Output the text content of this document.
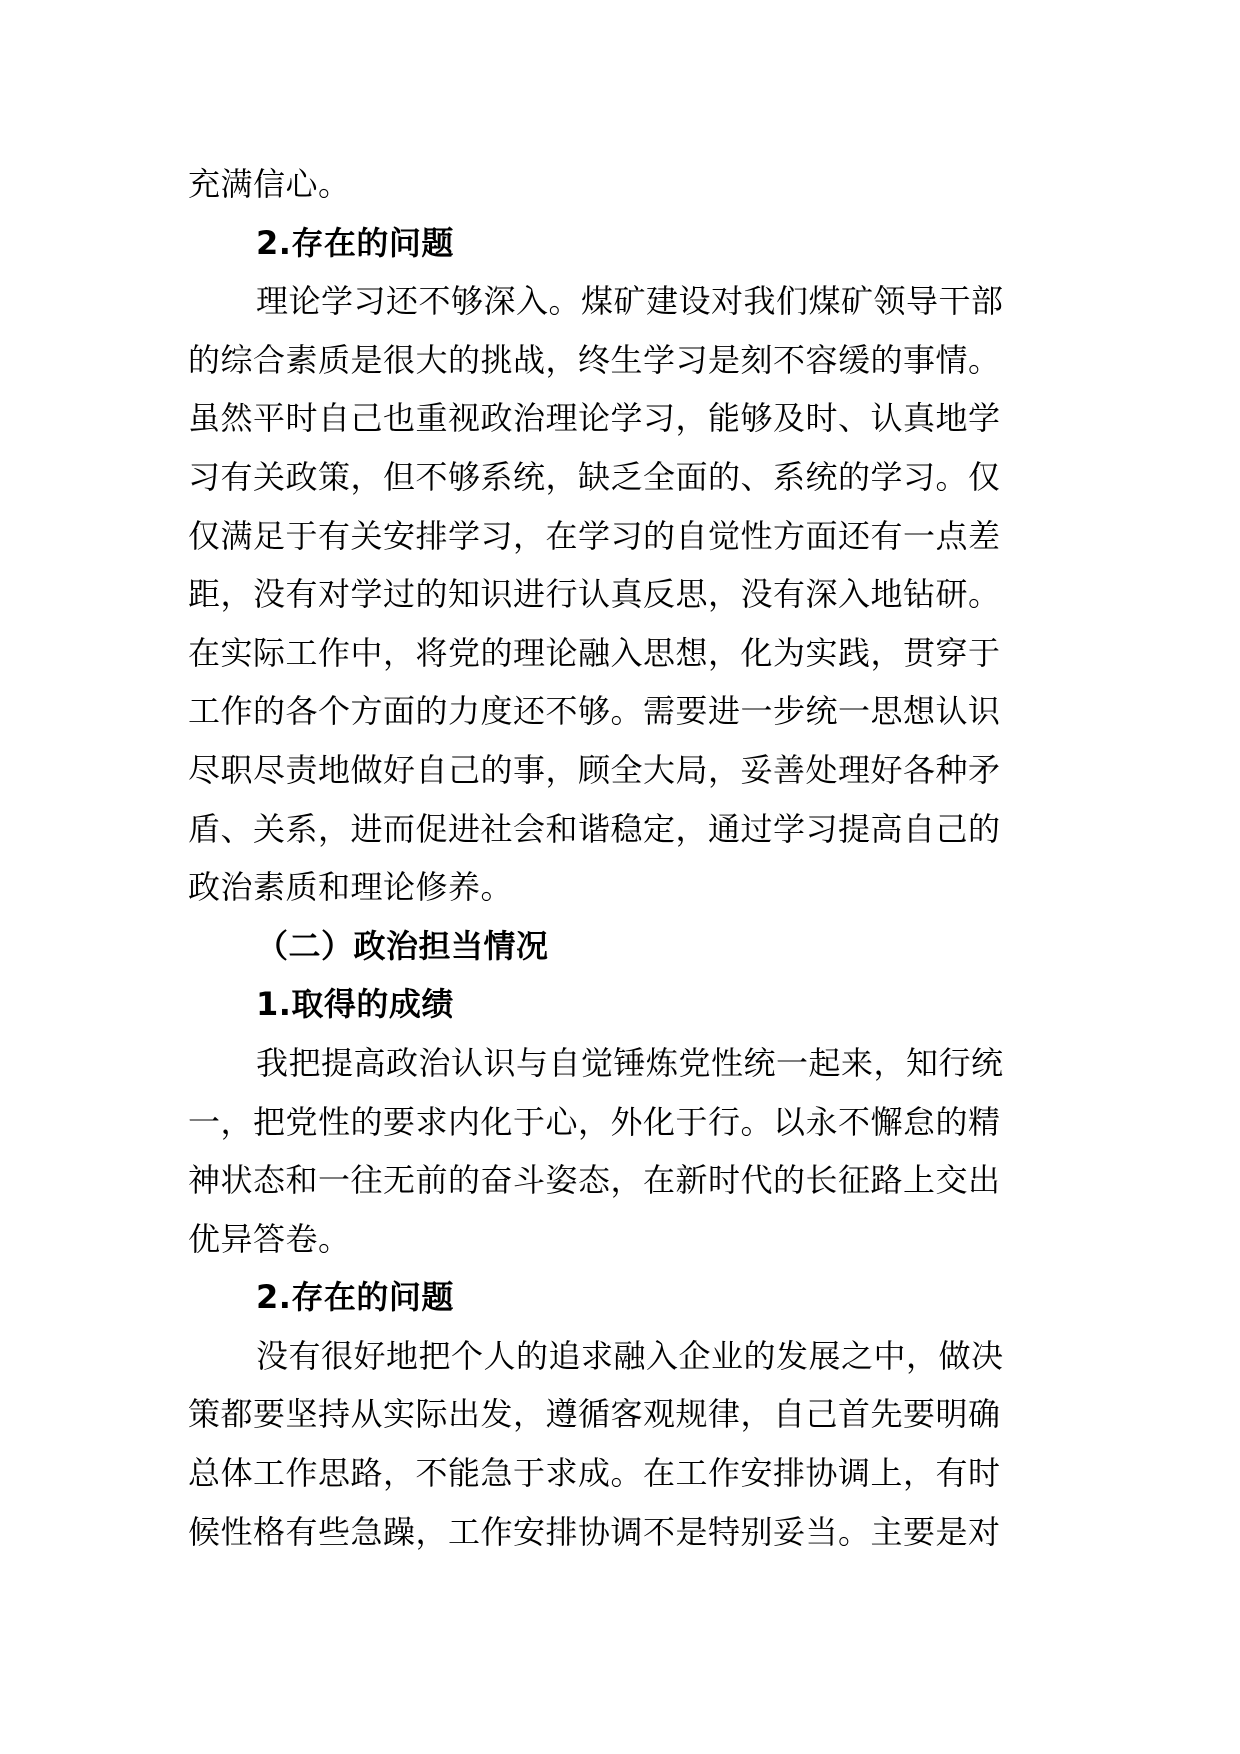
充满信心。
2.存在的问题
理论学习还不够深入。煤矿建设对我们煤矿领导干部
的综合素质是很大的挑战，终生学习是刻不容缓的事情。
虽然平时自己也重视政治理论学习，能够及时、认真地学
习有关政策，但不够系统，缺乏全面的、系统的学习。仅
仅满足于有关安排学习，在学习的自觉性方面还有一点差
距，没有对学过的知识进行认真反思，没有深入地钻研。
在实际工作中，将党的理论融入思想，化为实践，贯穿于
工作的各个方面的力度还不够。需要进一步统一思想认识
尽职尽责地做好自己的事，顾全大局，妥善处理好各种矛
盾、关系，进而促进社会和谐稳定，通过学习提高自己的
政治素质和理论修养。
（二）政治担当情况
1.取得的成绩
我把提高政治认识与自觉锤炼党性统一起来，知行统
一，把党性的要求内化于心，外化于行。以永不懈怠的精
神状态和一往无前的奋斗姿态，在新时代的长征路上交出
优异答卷。
2.存在的问题
没有很好地把个人的追求融入企业的发展之中，做决
策都要坚持从实际出发，遵循客观规律，自己首先要明确
总体工作思路，不能急于求成。在工作安排协调上，有时
候性格有些急躁，工作安排协调不是特别妥当。主要是对
